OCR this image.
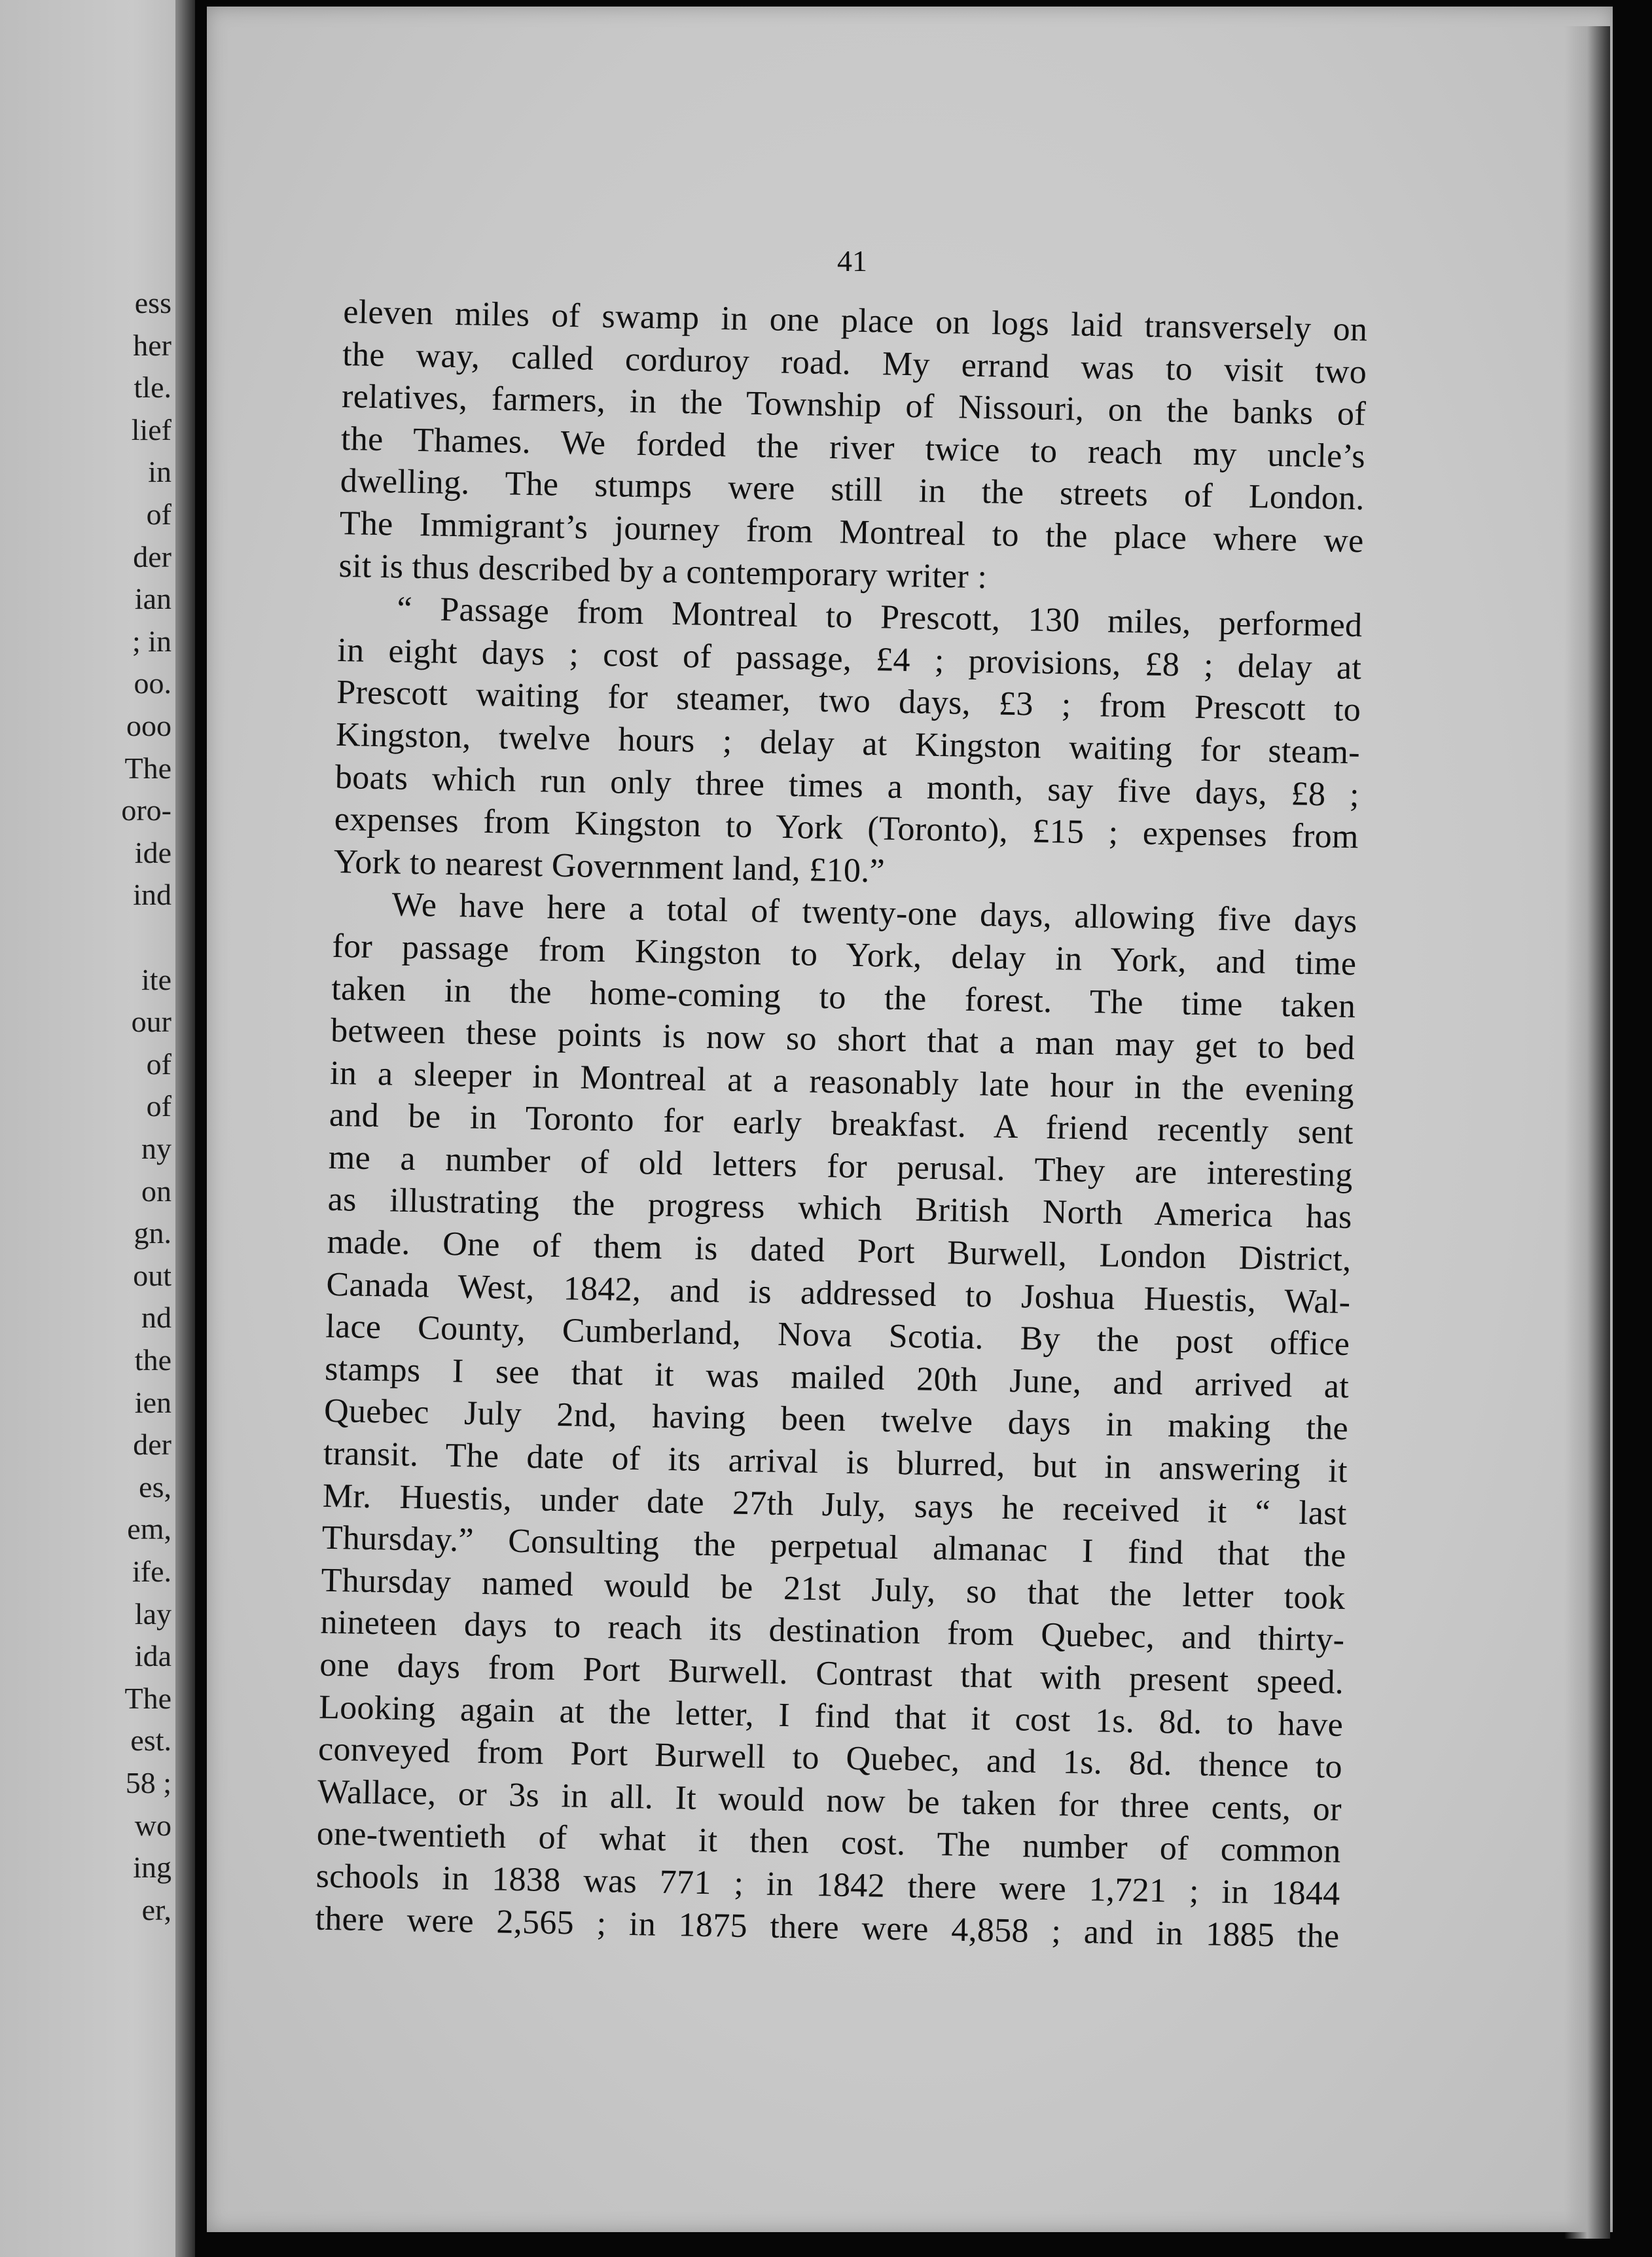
ess
her
tle.
lief
in
of
der
ian
; in
oo.
ooo
The
oro-
ide
ind
ite
our
of
of
ny
on
gn.
out
nd
the
ien
der
es,
em,
ife.
lay
ida
The
est.
58 ;
wo
ing
er,
41
eleven miles of swamp in one place on logs laid transversely on
the way, called corduroy road. My errand was to visit two
relatives, farmers, in the Township of Nissouri, on the banks of
the Thames. We forded the river twice to reach my uncle’s
dwelling. The stumps were still in the streets of London.
The Immigrant’s journey from Montreal to the place where we
sit is thus described by a contemporary writer :
“ Passage from Montreal to Prescott, 130 miles, performed
in eight days ; cost of passage, £4 ; provisions, £8 ; delay at
Prescott waiting for steamer, two days, £3 ; from Prescott to
Kingston, twelve hours ; delay at Kingston waiting for steam-
boats which run only three times a month, say five days, £8 ;
expenses from Kingston to York (Toronto), £15 ; expenses from
York to nearest Government land, £10.”
We have here a total of twenty-one days, allowing five days
for passage from Kingston to York, delay in York, and time
taken in the home-coming to the forest. The time taken
between these points is now so short that a man may get to bed
in a sleeper in Montreal at a reasonably late hour in the evening
and be in Toronto for early breakfast. A friend recently sent
me a number of old letters for perusal. They are interesting
as illustrating the progress which British North America has
made. One of them is dated Port Burwell, London District,
Canada West, 1842, and is addressed to Joshua Huestis, Wal-
lace County, Cumberland, Nova Scotia. By the post office
stamps I see that it was mailed 20th June, and arrived at
Quebec July 2nd, having been twelve days in making the
transit. The date of its arrival is blurred, but in answering it
Mr. Huestis, under date 27th July, says he received it “ last
Thursday.” Consulting the perpetual almanac I find that the
Thursday named would be 21st July, so that the letter took
nineteen days to reach its destination from Quebec, and thirty-
one days from Port Burwell. Contrast that with present speed.
Looking again at the letter, I find that it cost 1s. 8d. to have
conveyed from Port Burwell to Quebec, and 1s. 8d. thence to
Wallace, or 3s in all. It would now be taken for three cents, or
one-twentieth of what it then cost. The number of common
schools in 1838 was 771 ; in 1842 there were 1,721 ; in 1844
there were 2,565 ; in 1875 there were 4,858 ; and in 1885 the
